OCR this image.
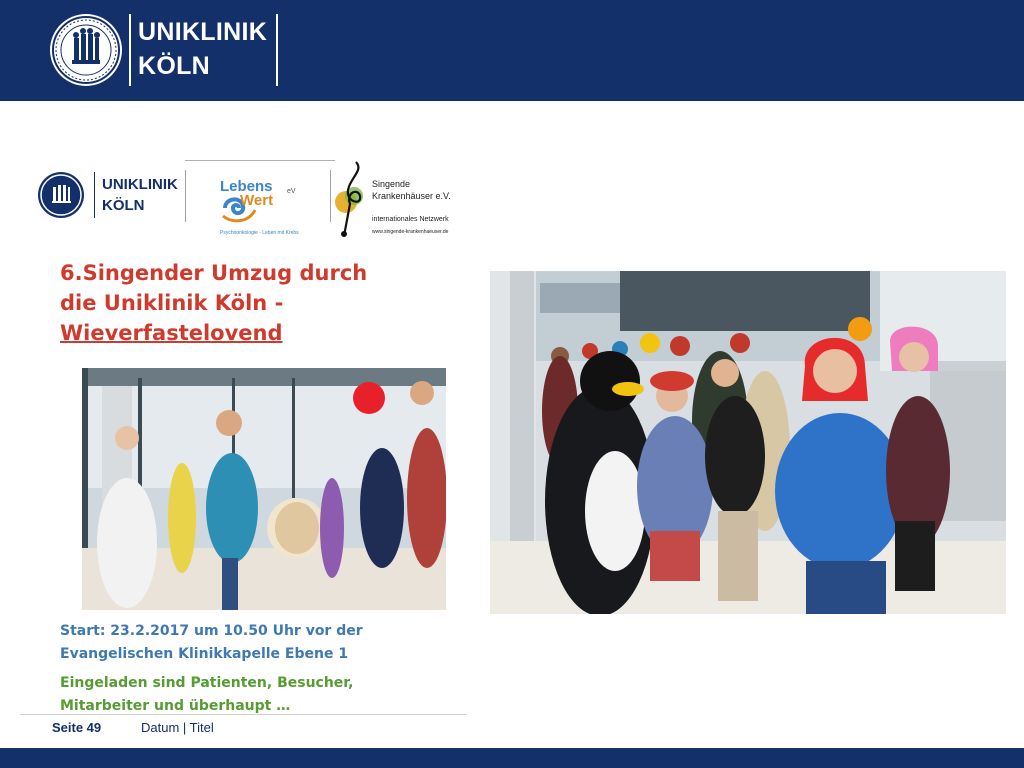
UNIKLINIK
KÖLN
UNIKLINIK
KÖLN
Lebens
Wert
eV
Psychoonkologie - Leben mit Krebs
Singende
Krankenhäuser e.V.
internationales Netzwerk
www.singende-krankenhaeuser.de
6.Singender Umzug durch
die Uniklinik Köln -
Wieverfastelovend
Start: 23.2.2017 um 10.50 Uhr vor der
Evangelischen Klinikkapelle Ebene 1
Eingeladen sind Patienten, Besucher,
Mitarbeiter und überhaupt …
Seite 49	Datum | Titel
